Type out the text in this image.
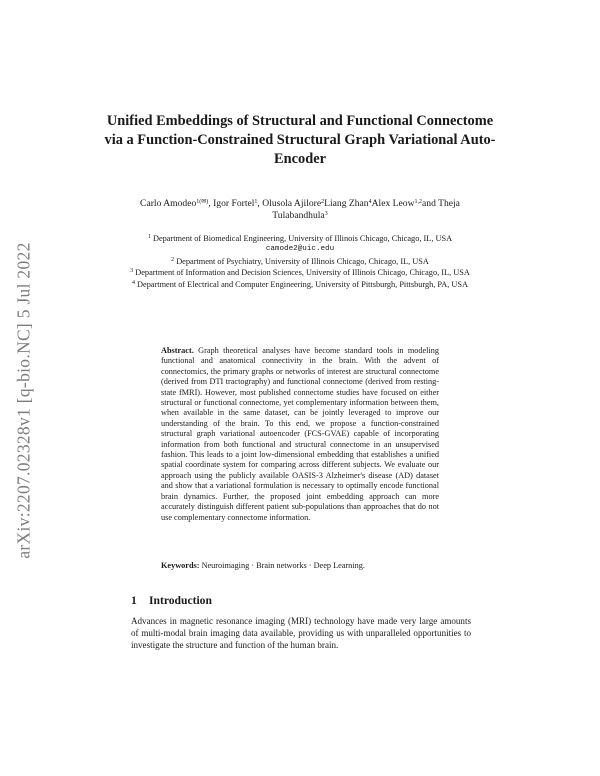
arXiv:2207.02328v1 [q-bio.NC] 5 Jul 2022
Unified Embeddings of Structural and Functional Connectome via a Function-Constrained Structural Graph Variational Auto-Encoder
Carlo Amodeo$^{1(✉)}$, Igor Fortel$^1$, Olusola Ajilore$^2$Liang Zhan$^4$Alex Leow$^{1,2}$and Theja Tulabandhula$^3$
$^1$ Department of Biomedical Engineering, University of Illinois Chicago, Chicago, IL, USA
camode2@uic.edu
$^2$ Department of Psychiatry, University of Illinois Chicago, Chicago, IL, USA
$^3$ Department of Information and Decision Sciences, University of Illinois Chicago, Chicago, IL, USA
$^4$ Department of Electrical and Computer Engineering, University of Pittsburgh, Pittsburgh, PA, USA
Abstract. Graph theoretical analyses have become standard tools in modeling functional and anatomical connectivity in the brain. With the advent of connectomics, the primary graphs or networks of interest are structural connectome (derived from DTI tractography) and functional connectome (derived from resting-state fMRI). However, most published connectome studies have focused on either structural or functional connectome, yet complementary information between them, when available in the same dataset, can be jointly leveraged to improve our understanding of the brain. To this end, we propose a function-constrained structural graph variational autoencoder (FCS-GVAE) capable of incorporating information from both functional and structural connectome in an unsupervised fashion. This leads to a joint low-dimensional embedding that establishes a unified spatial coordinate system for comparing across different subjects. We evaluate our approach using the publicly available OASIS-3 Alzheimer's disease (AD) dataset and show that a variational formulation is necessary to optimally encode functional brain dynamics. Further, the proposed joint embedding approach can more accurately distinguish different patient sub-populations than approaches that do not use complementary connectome information.
Keywords: Neuroimaging · Brain networks · Deep Learning.
1 Introduction
Advances in magnetic resonance imaging (MRI) technology have made very large amounts of multi-modal brain imaging data available, providing us with unparalleled opportunities to investigate the structure and function of the human brain.
